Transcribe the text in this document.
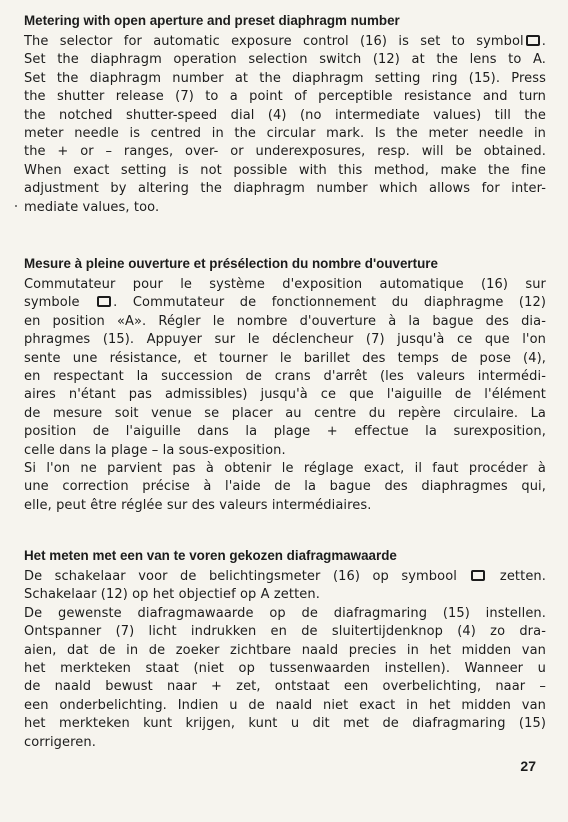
Metering with open aperture and preset diaphragm number
The selector for automatic exposure control (16) is set to symbol .
Set the diaphragm operation selection switch (12) at the lens to A.
Set the diaphragm number at the diaphragm setting ring (15). Press
the shutter release (7) to a point of perceptible resistance and turn
the notched shutter-speed dial (4) (no intermediate values) till the
meter needle is centred in the circular mark. Is the meter needle in
the + or – ranges, over- or underexposures, resp. will be obtained.
When exact setting is not possible with this method, make the fine
adjustment by altering the diaphragm number which allows for inter-
mediate values, too.
Mesure à pleine ouverture et présélection du nombre d'ouverture
Commutateur pour le système d'exposition automatique (16) sur
symbole	. Commutateur de fonctionnement du diaphragme (12)
en position «A». Régler le nombre d'ouverture à la bague des dia-
phragmes (15). Appuyer sur le déclencheur (7) jusqu'à ce que l'on
sente une résistance, et tourner le barillet des temps de pose (4),
en respectant la succession de crans d'arrêt (les valeurs intermédi-
aires n'étant pas admissibles) jusqu'à ce que l'aiguille de l'élément
de mesure soit venue se placer au centre du repère circulaire. La
position de l'aiguille dans la plage + effectue la surexposition,
celle dans la plage – la sous-exposition.
Si l'on ne parvient pas à obtenir le réglage exact, il faut procéder à
une correction précise à l'aide de la bague des diaphragmes qui,
elle, peut être réglée sur des valeurs intermédiaires.
Het meten met een van te voren gekozen diafragmawaarde
De schakelaar voor de belichtingsmeter (16) op symbool	zetten.
Schakelaar (12) op het objectief op A zetten.
De gewenste diafragmawaarde op de diafragmaring (15) instellen.
Ontspanner (7) licht indrukken en de sluitertijdenknop (4) zo dra-
aien, dat de in de zoeker zichtbare naald precies in het midden van
het merkteken staat (niet op tussenwaarden instellen). Wanneer u
de naald bewust naar + zet, ontstaat een overbelichting, naar –
een onderbelichting. Indien u de naald niet exact in het midden van
het merkteken kunt krijgen, kunt u dit met de diafragmaring (15)
corrigeren.
27
